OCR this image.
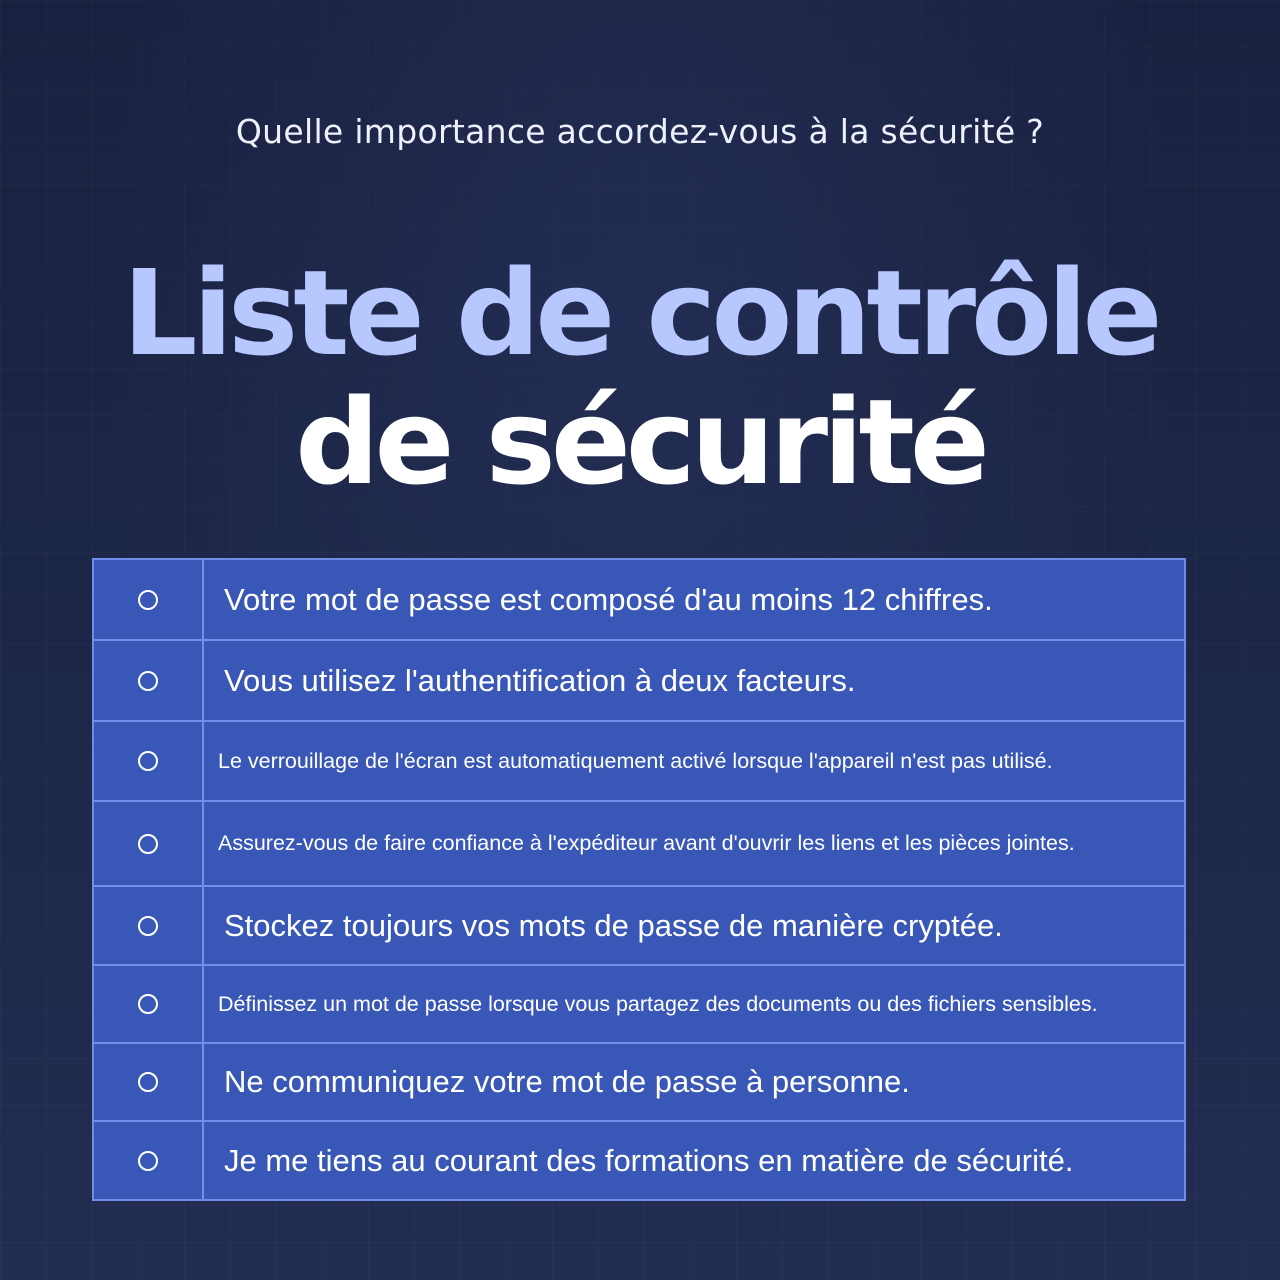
Quelle importance accordez-vous à la sécurité ?
Liste de contrôle
de sécurité
Votre mot de passe est composé d'au moins 12 chiffres.
Vous utilisez l'authentification à deux facteurs.
Le verrouillage de l'écran est automatiquement activé lorsque l'appareil n'est pas utilisé.
Assurez-vous de faire confiance à l'expéditeur avant d'ouvrir les liens et les pièces jointes.
Stockez toujours vos mots de passe de manière cryptée.
Définissez un mot de passe lorsque vous partagez des documents ou des fichiers sensibles.
Ne communiquez votre mot de passe à personne.
Je me tiens au courant des formations en matière de sécurité.
